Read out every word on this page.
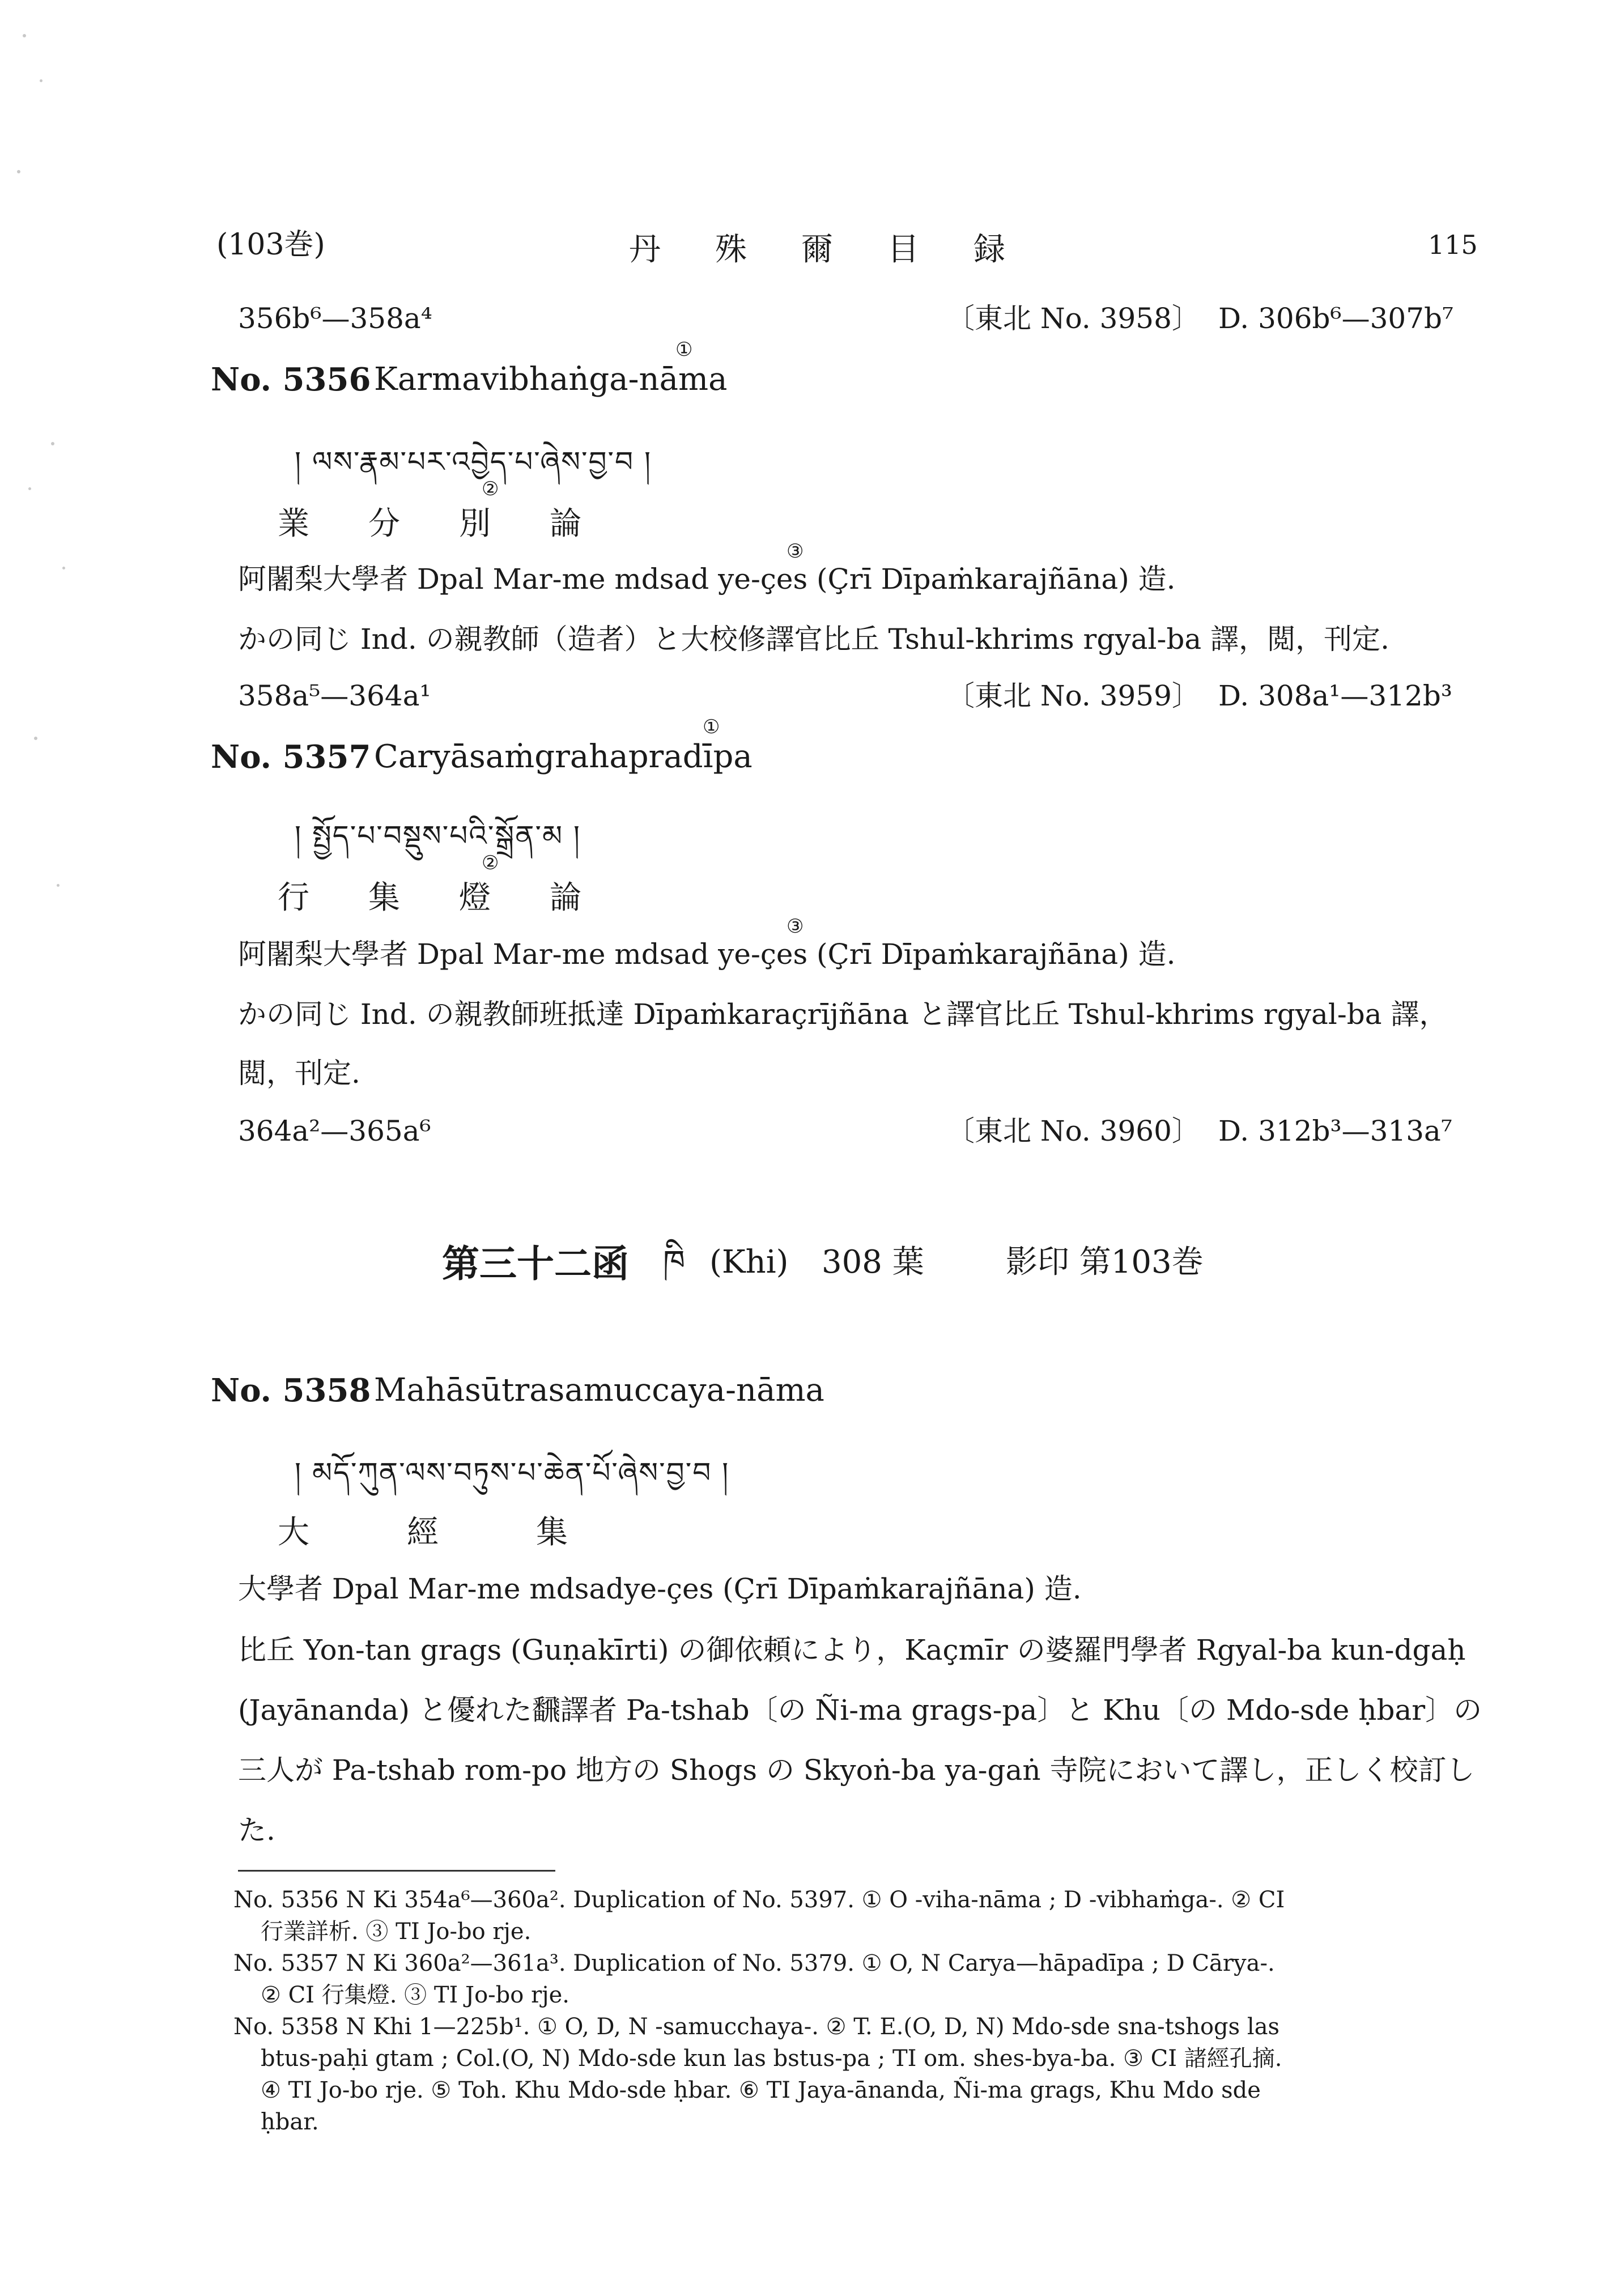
(103巻)	丹　殊　爾　目　録	115
356b⁶—358a⁴	〔東北 No. 3958〕 D. 306b⁶—307b⁷
No. 5356 Karmavibhaṅga-nāma
①
། ལས་རྣམ་པར་འབྱེད་པ་ཞེས་བྱ་བ །
業　分　別　論
②
阿闍梨大學者 Dpal Mar-me mdsad ye-çes (Çrī Dīpaṁkarajñāna) 造.
③
かの同じ Ind. の親教師（造者）と大校修譯官比丘 Tshul-khrims rgyal-ba 譯，閲，刊定.
358a⁵—364a¹	〔東北 No. 3959〕 D. 308a¹—312b³
No. 5357 Caryāsaṁgrahapradīpa
①
། སྤྱོད་པ་བསྡུས་པའི་སྒྲོན་མ །
行　集　燈　論
②
阿闍梨大學者 Dpal Mar-me mdsad ye-çes (Çrī Dīpaṁkarajñāna) 造.
③
かの同じ Ind. の親教師班抵達 Dīpaṁkaraçrījñāna と譯官比丘 Tshul-khrims rgyal-ba 譯，
閲，刊定.
364a²—365a⁶	〔東北 No. 3960〕 D. 312b³—313a⁷
第三十二函 ཁི (Khi) 308 葉	影印 第103巻
No. 5358 Mahāsūtrasamuccaya-nāma
། མདོ་ཀུན་ལས་བཏུས་པ་ཆེན་པོ་ཞེས་བྱ་བ །
大　　經　　集
大學者 Dpal Mar-me mdsadye-çes (Çrī Dīpaṁkarajñāna) 造.
比丘 Yon-tan grags (Guṇakīrti) の御依頼により，Kaçmīr の婆羅門學者 Rgyal-ba kun-dgaḥ
(Jayānanda) と優れた飜譯者 Pa-tshab〔の Ñi-ma grags-pa〕と Khu〔の Mdo-sde ḥbar〕の
三人が Pa-tshab rom-po 地方の Shogs の Skyoṅ-ba ya-gaṅ 寺院において譯し，正しく校訂し
た.
No. 5356 N Ki 354a⁶—360a². Duplication of No. 5397. ① O -viha-nāma ; D -vibhaṁga-. ② CI
行業詳析. ③ TI Jo-bo rje.
No. 5357 N Ki 360a²—361a³. Duplication of No. 5379. ① O, N Carya—hāpadīpa ; D Cārya-.
② CI 行集燈. ③ TI Jo-bo rje.
No. 5358 N Khi 1—225b¹. ① O, D, N -samucchaya-. ② T. E.(O, D, N) Mdo-sde sna-tshogs las
btus-paḥi gtam ; Col.(O, N) Mdo-sde kun las bstus-pa ; TI om. shes-bya-ba. ③ CI 諸經孔摘.
④ TI Jo-bo rje. ⑤ Toh. Khu Mdo-sde ḥbar. ⑥ TI Jaya-ānanda, Ñi-ma grags, Khu Mdo sde
ḥbar.
